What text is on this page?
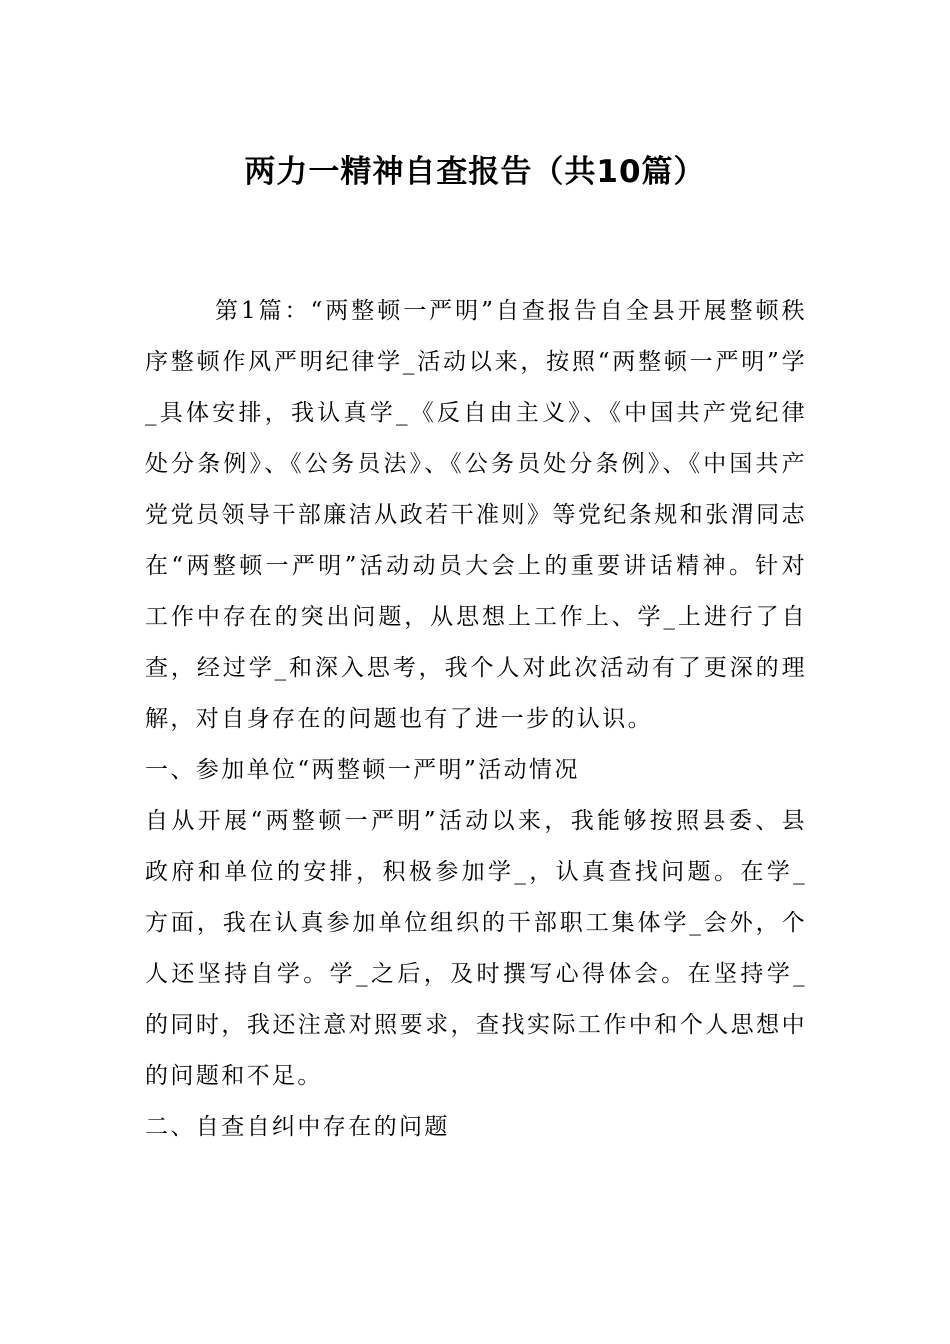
两力一精神自查报告（共10篇）

第1篇：“两整顿一严明”自查报告自全县开展整顿秩序整顿作风严明纪律学_活动以来，按照“两整顿一严明”学_具体安排，我认真学_《反自由主义》、《中国共产党纪律处分条例》、《公务员法》、《公务员处分条例》、《中国共产党党员领导干部廉洁从政若干准则》等党纪条规和张渭同志在“两整顿一严明”活动动员大会上的重要讲话精神。针对工作中存在的突出问题，从思想上工作上、学_上进行了自查，经过学_和深入思考，我个人对此次活动有了更深的理解，对自身存在的问题也有了进一步的认识。

一、参加单位“两整顿一严明”活动情况

自从开展“两整顿一严明”活动以来，我能够按照县委、县政府和单位的安排，积极参加学_，认真查找问题。在学_方面，我在认真参加单位组织的干部职工集体学_会外，个人还坚持自学。学_之后，及时撰写心得体会。在坚持学_的同时，我还注意对照要求，查找实际工作中和个人思想中的问题和不足。

二、自查自纠中存在的问题
